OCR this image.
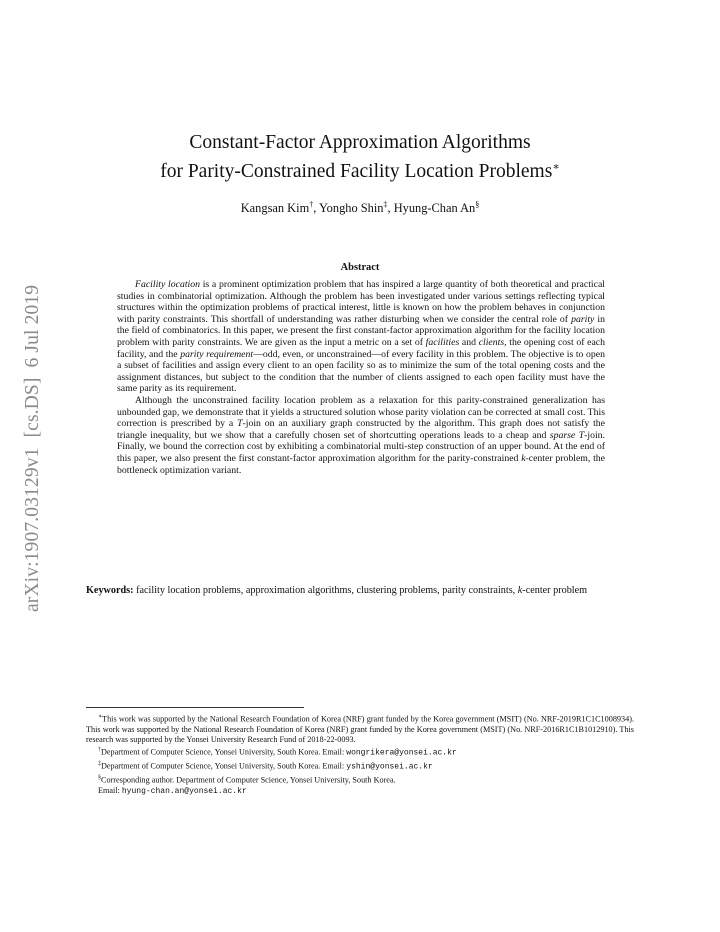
arXiv:1907.03129v1  [cs.DS]  6 Jul 2019
Constant-Factor Approximation Algorithms
for Parity-Constrained Facility Location Problems∗
Kangsan Kim†, Yongho Shin‡, Hyung-Chan An§
Abstract

Facility location is a prominent optimization problem that has inspired a large quantity of both theoretical and practical studies in combinatorial optimization. Although the problem has been investigated under various settings reflecting typical structures within the optimization problems of practical interest, little is known on how the problem behaves in conjunction with parity constraints. This shortfall of understanding was rather disturbing when we consider the central role of parity in the field of combinatorics. In this paper, we present the first constant-factor approximation algorithm for the facility location problem with parity constraints. We are given as the input a metric on a set of facilities and clients, the opening cost of each facility, and the parity requirement—odd, even, or unconstrained—of every facility in this problem. The objective is to open a subset of facilities and assign every client to an open facility so as to minimize the sum of the total opening costs and the assignment distances, but subject to the condition that the number of clients assigned to each open facility must have the same parity as its requirement.

Although the unconstrained facility location problem as a relaxation for this parity-constrained generalization has unbounded gap, we demonstrate that it yields a structured solution whose parity violation can be corrected at small cost. This correction is prescribed by a T-join on an auxiliary graph constructed by the algorithm. This graph does not satisfy the triangle inequality, but we show that a carefully chosen set of shortcutting operations leads to a cheap and sparse T-join. Finally, we bound the correction cost by exhibiting a combinatorial multi-step construction of an upper bound. At the end of this paper, we also present the first constant-factor approximation algorithm for the parity-constrained k-center problem, the bottleneck optimization variant.

Keywords: facility location problems, approximation algorithms, clustering problems, parity constraints, k-center problem

∗This work was supported by the National Research Foundation of Korea (NRF) grant funded by the Korea government (MSIT) (No. NRF-2019R1C1C1008934). This work was supported by the National Research Foundation of Korea (NRF) grant funded by the Korea government (MSIT) (No. NRF-2016R1C1B1012910). This research was supported by the Yonsei University Research Fund of 2018-22-0093.

†Department of Computer Science, Yonsei University, South Korea. Email: wongrikera@yonsei.ac.kr

‡Department of Computer Science, Yonsei University, South Korea. Email: yshin@yonsei.ac.kr

§Corresponding author. Department of Computer Science, Yonsei University, South Korea.

Email: hyung-chan.an@yonsei.ac.kr
